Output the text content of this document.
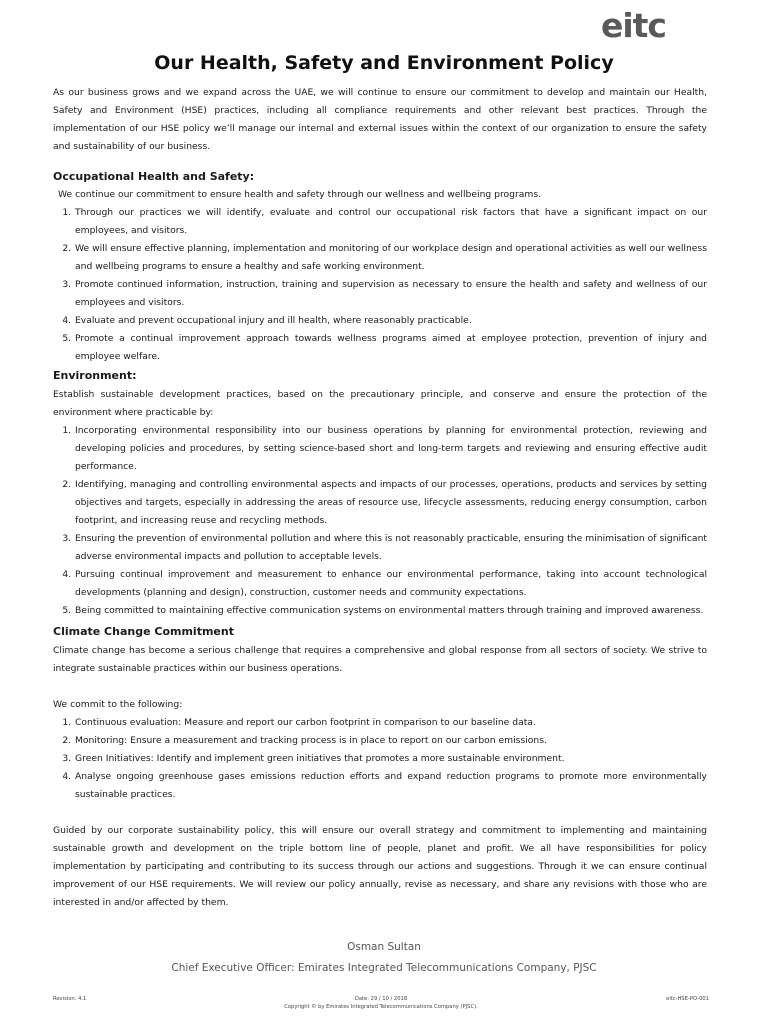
eitc
Our Health, Safety and Environment Policy

As our business grows and we expand across the UAE, we will continue to ensure our commitment to develop and maintain our Health, Safety and Environment (HSE) practices, including all compliance requirements and other relevant best practices. Through the implementation of our HSE policy we’ll manage our internal and external issues within the context of our organization to ensure the safety and sustainability of our business.

Occupational Health and Safety:

We continue our commitment to ensure health and safety through our wellness and wellbeing programs.

1. Through our practices we will identify, evaluate and control our occupational risk factors that have a significant impact on our employees, and visitors.
2. We will ensure effective planning, implementation and monitoring of our workplace design and operational activities as well our wellness and wellbeing programs to ensure a healthy and safe working environment.
3. Promote continued information, instruction, training and supervision as necessary to ensure the health and safety and wellness of our employees and visitors.
4. Evaluate and prevent occupational injury and ill health, where reasonably practicable.
5. Promote a continual improvement approach towards wellness programs aimed at employee protection, prevention of injury and employee welfare.
Environment:

Establish sustainable development practices, based on the precautionary principle, and conserve and ensure the protection of the environment where practicable by:

1. Incorporating environmental responsibility into our business operations by planning for environmental protection, reviewing and developing policies and procedures, by setting science-based short and long-term targets and reviewing and ensuring effective audit performance.
2. Identifying, managing and controlling environmental aspects and impacts of our processes, operations, products and services by setting objectives and targets, especially in addressing the areas of resource use, lifecycle assessments, reducing energy consumption, carbon footprint, and increasing reuse and recycling methods.
3. Ensuring the prevention of environmental pollution and where this is not reasonably practicable, ensuring the minimisation of significant adverse environmental impacts and pollution to acceptable levels.
4. Pursuing continual improvement and measurement to enhance our environmental performance, taking into account technological developments (planning and design), construction, customer needs and community expectations.
5. Being committed to maintaining effective communication systems on environmental matters through training and improved awareness.
Climate Change Commitment

Climate change has become a serious challenge that requires a comprehensive and global response from all sectors of society. We strive to integrate sustainable practices within our business operations.

We commit to the following:

1. Continuous evaluation: Measure and report our carbon footprint in comparison to our baseline data.
2. Monitoring: Ensure a measurement and tracking process is in place to report on our carbon emissions.
3. Green Initiatives: Identify and implement green initiatives that promotes a more sustainable environment.
4. Analyse ongoing greenhouse gases emissions reduction efforts and expand reduction programs to promote more environmentally sustainable practices.

Guided by our corporate sustainability policy, this will ensure our overall strategy and commitment to implementing and maintaining sustainable growth and development on the triple bottom line of people, planet and profit. We all have responsibilities for policy implementation by participating and contributing to its success through our actions and suggestions. Through it we can ensure continual improvement of our HSE requirements. We will review our policy annually, revise as necessary, and share any revisions with those who are interested in and/or affected by them.

Osman Sultan
Chief Executive Officer: Emirates Integrated Telecommunications Company, PJSC
Revision: 4.1	Date: 29 / 10 / 2018	eitc-HSE-PO-001
Copyright © by Emirates Integrated Telecommunications Company (PJSC).
